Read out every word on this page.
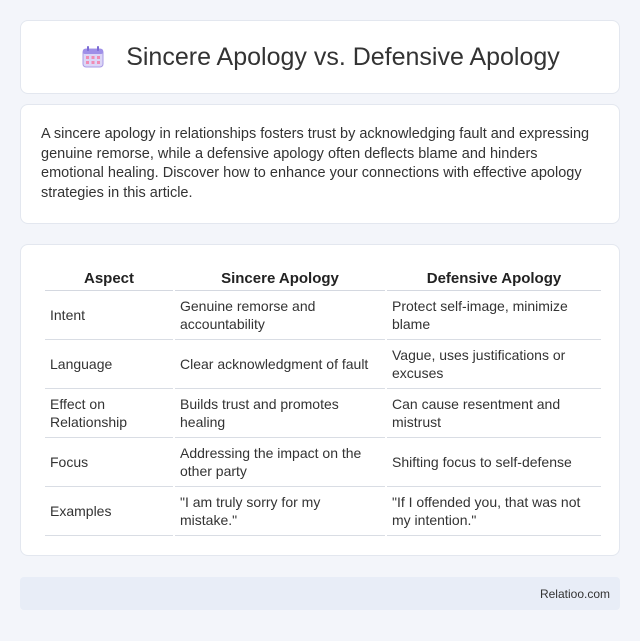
Sincere Apology vs. Defensive Apology

A sincere apology in relationships fosters trust by acknowledging fault and expressing genuine remorse, while a defensive apology often deflects blame and hinders emotional healing. Discover how to enhance your connections with effective apology strategies in this article.

Aspect	Sincere Apology	Defensive Apology
Intent	Genuine remorse and accountability	Protect self-image, minimize blame
Language	Clear acknowledgment of fault	Vague, uses justifications or excuses
Effect on Relationship	Builds trust and promotes healing	Can cause resentment and mistrust
Focus	Addressing the impact on the other party	Shifting focus to self-defense
Examples	"I am truly sorry for my mistake."	"If I offended you, that was not my intention."
Relatioo.com
